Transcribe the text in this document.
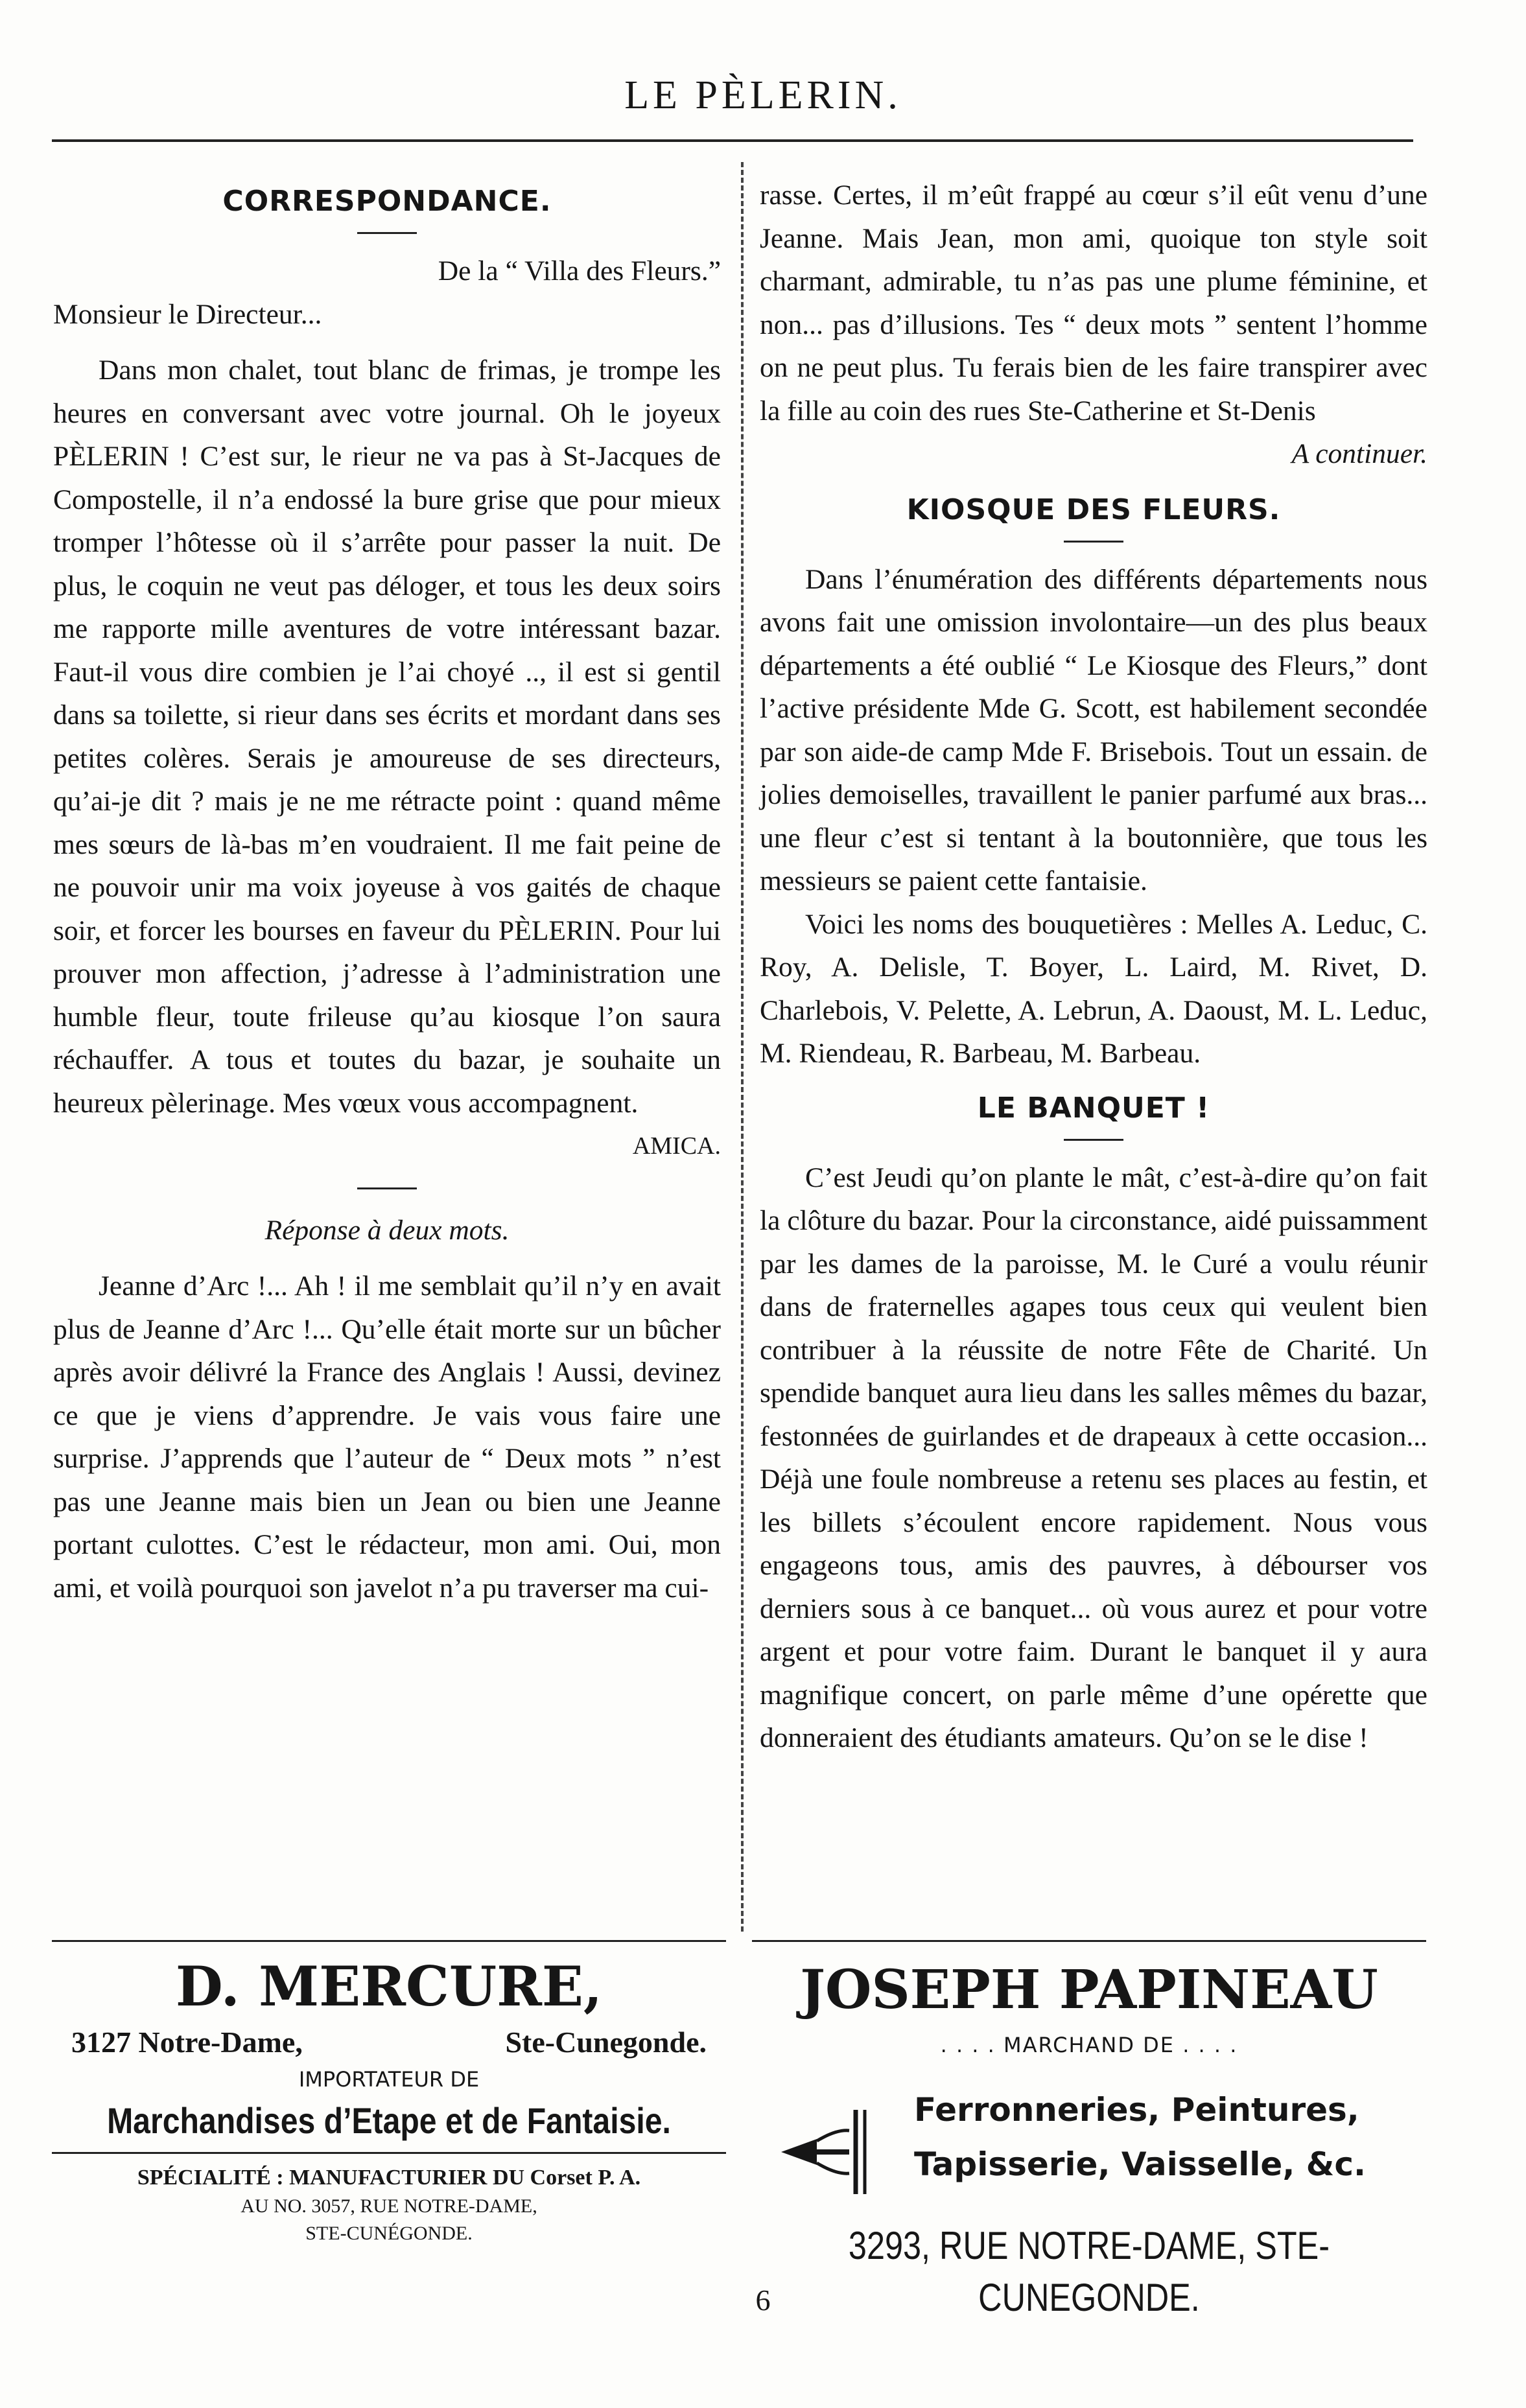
LE PÈLERIN.

CORRESPONDANCE.

De la “ Villa des Fleurs.”

Monsieur le Directeur...

Dans mon chalet, tout blanc de frimas, je trompe les heures en conversant avec votre journal. Oh le joyeux PÈLERIN ! C’est sur, le rieur ne va pas à St-Jacques de Compostelle, il n’a endossé la bure grise que pour mieux tromper l’hôtesse où il s’arrête pour passer la nuit. De plus, le coquin ne veut pas déloger, et tous les deux soirs me rapporte mille aventures de votre intéressant bazar. Faut-il vous dire combien je l’ai choyé .., il est si gentil dans sa toilette, si rieur dans ses écrits et mordant dans ses petites colères. Serais je amoureuse de ses directeurs, qu’ai-je dit ? mais je ne me rétracte point : quand même mes sœurs de là-bas m’en voudraient. Il me fait peine de ne pouvoir unir ma voix joyeuse à vos gaités de chaque soir, et forcer les bourses en faveur du PÈLERIN. Pour lui prouver mon affection, j’adresse à l’administration une humble fleur, toute frileuse qu’au kiosque l’on saura réchauffer. A tous et toutes du bazar, je souhaite un heureux pèlerinage. Mes vœux vous accompagnent.

AMICA.

Réponse à deux mots.

Jeanne d’Arc !... Ah ! il me semblait qu’il n’y en avait plus de Jeanne d’Arc !... Qu’elle était morte sur un bûcher après avoir délivré la France des Anglais ! Aussi, devinez ce que je viens d’apprendre. Je vais vous faire une surprise. J’apprends que l’auteur de “ Deux mots ” n’est pas une Jeanne mais bien un Jean ou bien une Jeanne portant culottes. C’est le rédacteur, mon ami. Oui, mon ami, et voilà pourquoi son javelot n’a pu traverser ma cui-

rasse. Certes, il m’eût frappé au cœur s’il eût venu d’une Jeanne. Mais Jean, mon ami, quoique ton style soit charmant, admirable, tu n’as pas une plume féminine, et non... pas d’illusions. Tes “ deux mots ” sentent l’homme on ne peut plus. Tu ferais bien de les faire transpirer avec la fille au coin des rues Ste-Catherine et St-Denis
A continuer.

KIOSQUE DES FLEURS.

Dans l’énumération des différents départements nous avons fait une omission involontaire—un des plus beaux départements a été oublié “ Le Kiosque des Fleurs,” dont l’active présidente Mde G. Scott, est habilement secondée par son aide-de camp Mde F. Brisebois. Tout un essain. de jolies demoiselles, travaillent le panier parfumé aux bras... une fleur c’est si tentant à la boutonnière, que tous les messieurs se paient cette fantaisie.

Voici les noms des bouquetières : Melles A. Leduc, C. Roy, A. Delisle, T. Boyer, L. Laird, M. Rivet, D. Charlebois, V. Pelette, A. Lebrun, A. Daoust, M. L. Leduc, M. Riendeau, R. Barbeau, M. Barbeau.

LE BANQUET !

C’est Jeudi qu’on plante le mât, c’est-à-dire qu’on fait la clôture du bazar. Pour la circonstance, aidé puissamment par les dames de la paroisse, M. le Curé a voulu réunir dans de fraternelles agapes tous ceux qui veulent bien contribuer à la réussite de notre Fête de Charité. Un spendide banquet aura lieu dans les salles mêmes du bazar, festonnées de guirlandes et de drapeaux à cette occasion... Déjà une foule nombreuse a retenu ses places au festin, et les billets s’écoulent encore rapidement. Nous vous engageons tous, amis des pauvres, à débourser vos derniers sous à ce banquet... où vous aurez et pour votre argent et pour votre faim. Durant le banquet il y aura magnifique concert, on parle même d’une opérette que donneraient des étudiants amateurs. Qu’on se le dise !

D. MERCURE,
3127 Notre-Dame,	Ste-Cunegonde.
IMPORTATEUR DE
Marchandises d’Etape et de Fantaisie.
SPÉCIALITÉ : MANUFACTURIER DU Corset P. A.
AU NO. 3057, RUE NOTRE-DAME,
STE-CUNÉGONDE.
JOSEPH PAPINEAU
. . . . MARCHAND DE . . . .
Ferronneries, Peintures,
Tapisserie, Vaisselle, &c.
3293, RUE NOTRE-DAME, STE-CUNEGONDE.
6
